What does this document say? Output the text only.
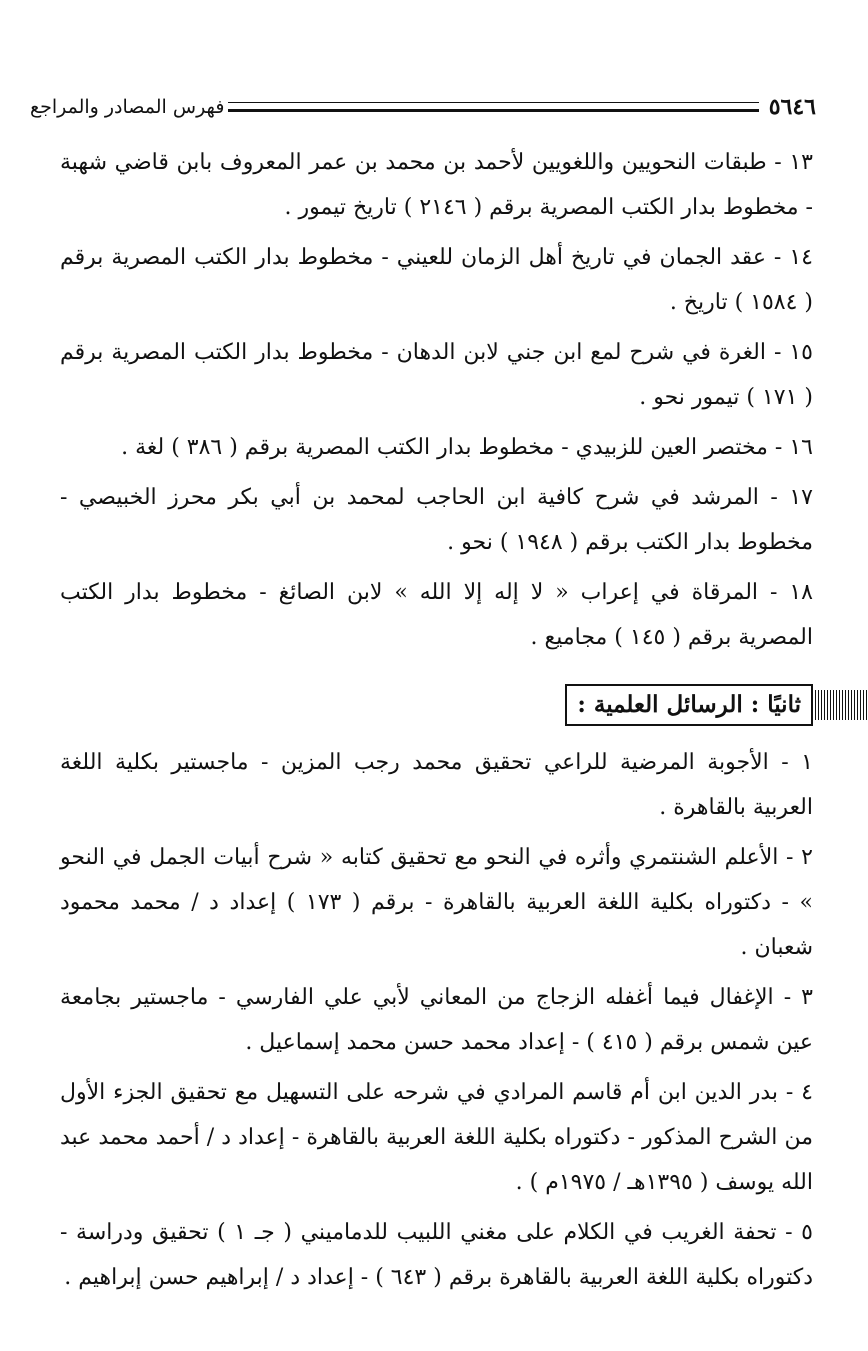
٥٦٤٦
فهرس المصادر والمراجع

١٣ - طبقات النحويين واللغويين لأحمد بن محمد بن عمر المعروف بابن قاضي شهبة - مخطوط بدار الكتب المصرية برقم ( ٢١٤٦ ) تاريخ تيمور .

١٤ - عقد الجمان في تاريخ أهل الزمان للعيني - مخطوط بدار الكتب المصرية برقم ( ١٥٨٤ ) تاريخ .

١٥ - الغرة في شرح لمع ابن جني لابن الدهان - مخطوط بدار الكتب المصرية برقم ( ١٧١ ) تيمور نحو .

١٦ - مختصر العين للزبيدي - مخطوط بدار الكتب المصرية برقم ( ٣٨٦ ) لغة .

١٧ - المرشد في شرح كافية ابن الحاجب لمحمد بن أبي بكر محرز الخبيصي - مخطوط بدار الكتب برقم ( ١٩٤٨ ) نحو .

١٨ - المرقاة في إعراب « لا إله إلا الله » لابن الصائغ - مخطوط بدار الكتب المصرية برقم ( ١٤٥ ) مجاميع .

ثانيًا : الرسائل العلمية :

١ - الأجوبة المرضية للراعي تحقيق محمد رجب المزين - ماجستير بكلية اللغة العربية بالقاهرة .

٢ - الأعلم الشنتمري وأثره في النحو مع تحقيق كتابه « شرح أبيات الجمل في النحو » - دكتوراه بكلية اللغة العربية بالقاهرة - برقم ( ١٧٣ ) إعداد د / محمد محمود شعبان .

٣ - الإغفال فيما أغفله الزجاج من المعاني لأبي علي الفارسي - ماجستير بجامعة عين شمس برقم ( ٤١٥ ) - إعداد محمد حسن محمد إسماعيل .

٤ - بدر الدين ابن أم قاسم المرادي في شرحه على التسهيل مع تحقيق الجزء الأول من الشرح المذكور - دكتوراه بكلية اللغة العربية بالقاهرة - إعداد د / أحمد محمد عبد الله يوسف ( ١٣٩٥هـ / ١٩٧٥م ) .

٥ - تحفة الغريب في الكلام على مغني اللبيب للدماميني ( جـ ١ ) تحقيق ودراسة - دكتوراه بكلية اللغة العربية بالقاهرة برقم ( ٦٤٣ ) - إعداد د / إبراهيم حسن إبراهيم .
